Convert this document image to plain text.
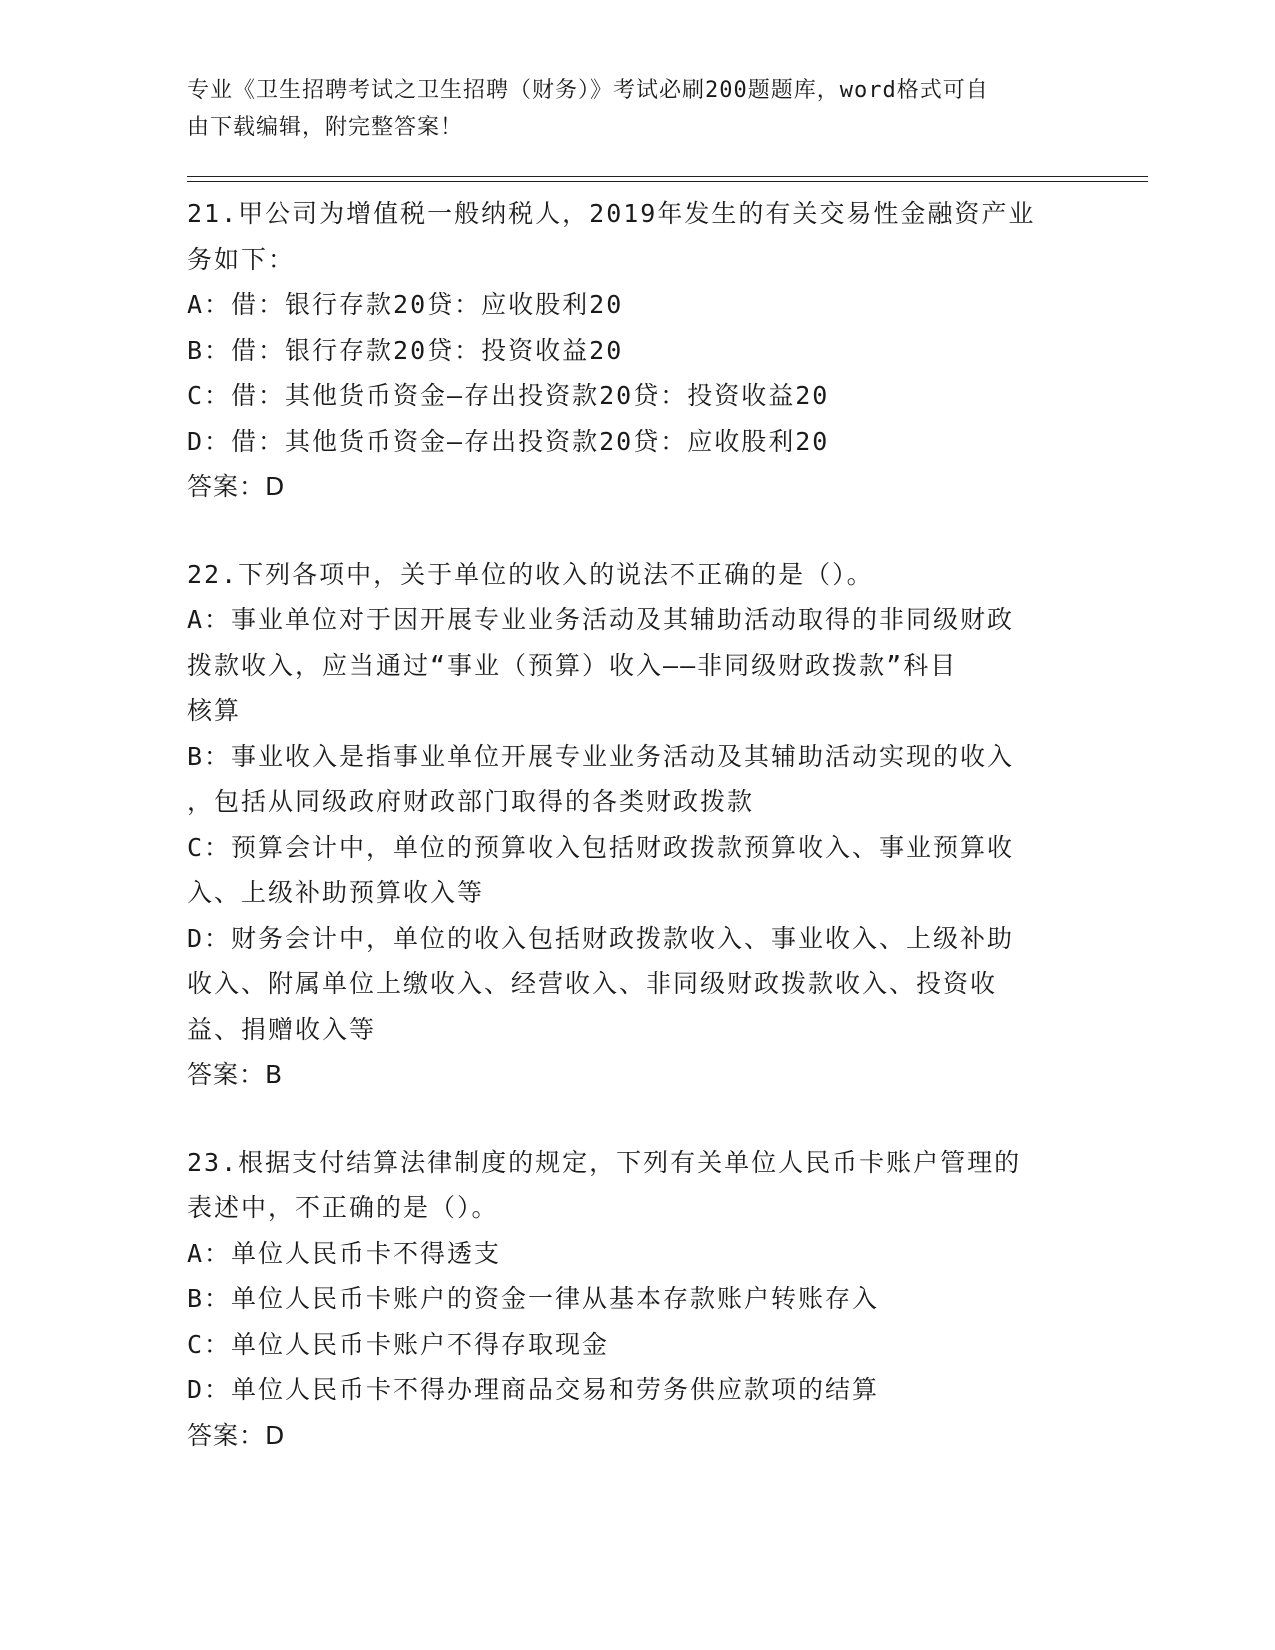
专业《卫生招聘考试之卫生招聘（财务）》考试必刷200题题库，word格式可自
由下载编辑，附完整答案！
21.甲公司为增值税一般纳税人，2019年发生的有关交易性金融资产业
务如下：
A：借：银行存款20贷：应收股利20
B：借：银行存款20贷：投资收益20
C：借：其他货币资金—存出投资款20贷：投资收益20
D：借：其他货币资金—存出投资款20贷：应收股利20
答案：D
22.下列各项中，关于单位的收入的说法不正确的是（）。
A：事业单位对于因开展专业业务活动及其辅助活动取得的非同级财政
拨款收入，应当通过“事业（预算）收入——非同级财政拨款”科目
核算
B：事业收入是指事业单位开展专业业务活动及其辅助活动实现的收入
，包括从同级政府财政部门取得的各类财政拨款
C：预算会计中，单位的预算收入包括财政拨款预算收入、事业预算收
入、上级补助预算收入等
D：财务会计中，单位的收入包括财政拨款收入、事业收入、上级补助
收入、附属单位上缴收入、经营收入、非同级财政拨款收入、投资收
益、捐赠收入等
答案：B
23.根据支付结算法律制度的规定，下列有关单位人民币卡账户管理的
表述中，不正确的是（）。
A：单位人民币卡不得透支
B：单位人民币卡账户的资金一律从基本存款账户转账存入
C：单位人民币卡账户不得存取现金
D：单位人民币卡不得办理商品交易和劳务供应款项的结算
答案：D
